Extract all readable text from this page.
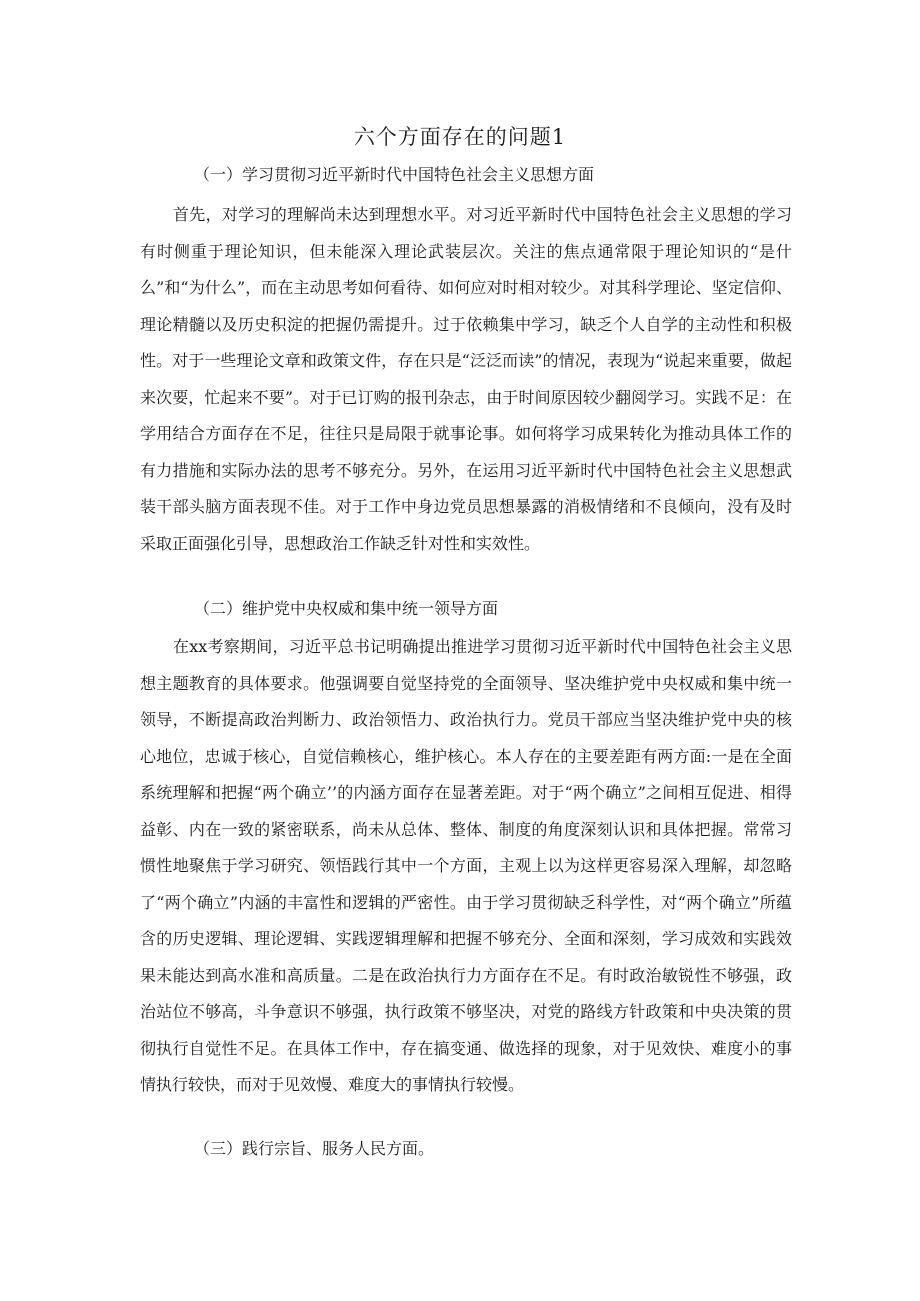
六个方面存在的问题1
（一）学习贯彻习近平新时代中国特色社会主义思想方面
首先，对学习的理解尚未达到理想水平。对习近平新时代中国特色社会主义思想的学习有时侧重于理论知识，但未能深入理论武装层次。关注的焦点通常限于理论知识的“是什么”和“为什么”，而在主动思考如何看待、如何应对时相对较少。对其科学理论、坚定信仰、理论精髓以及历史积淀的把握仍需提升。过于依赖集中学习，缺乏个人自学的主动性和积极性。对于一些理论文章和政策文件，存在只是“泛泛而读”的情况，表现为“说起来重要，做起来次要，忙起来不要”。对于已订购的报刊杂志，由于时间原因较少翻阅学习。实践不足：在学用结合方面存在不足，往往只是局限于就事论事。如何将学习成果转化为推动具体工作的有力措施和实际办法的思考不够充分。另外，在运用习近平新时代中国特色社会主义思想武装干部头脑方面表现不佳。对于工作中身边党员思想暴露的消极情绪和不良倾向，没有及时采取正面强化引导，思想政治工作缺乏针对性和实效性。
（二）维护党中央权威和集中统一领导方面
在xx考察期间，习近平总书记明确提出推进学习贯彻习近平新时代中国特色社会主义思想主题教育的具体要求。他强调要自觉坚持党的全面领导、坚决维护党中央权威和集中统一领导，不断提高政治判断力、政治领悟力、政治执行力。党员干部应当坚决维护党中央的核心地位，忠诚于核心，自觉信赖核心，维护核心。本人存在的主要差距有两方面:一是在全面系统理解和把握“两个确立’’的内涵方面存在显著差距。对于“两个确立”之间相互促进、相得益彰、内在一致的紧密联系，尚未从总体、整体、制度的角度深刻认识和具体把握。常常习惯性地聚焦于学习研究、领悟践行其中一个方面，主观上以为这样更容易深入理解，却忽略了“两个确立”内涵的丰富性和逻辑的严密性。由于学习贯彻缺乏科学性，对“两个确立”所蕴含的历史逻辑、理论逻辑、实践逻辑理解和把握不够充分、全面和深刻，学习成效和实践效果未能达到高水准和高质量。二是在政治执行力方面存在不足。有时政治敏锐性不够强，政治站位不够高，斗争意识不够强，执行政策不够坚决，对党的路线方针政策和中央决策的贯彻执行自觉性不足。在具体工作中，存在搞变通、做选择的现象，对于见效快、难度小的事情执行较快，而对于见效慢、难度大的事情执行较慢。
（三）践行宗旨、服务人民方面。
